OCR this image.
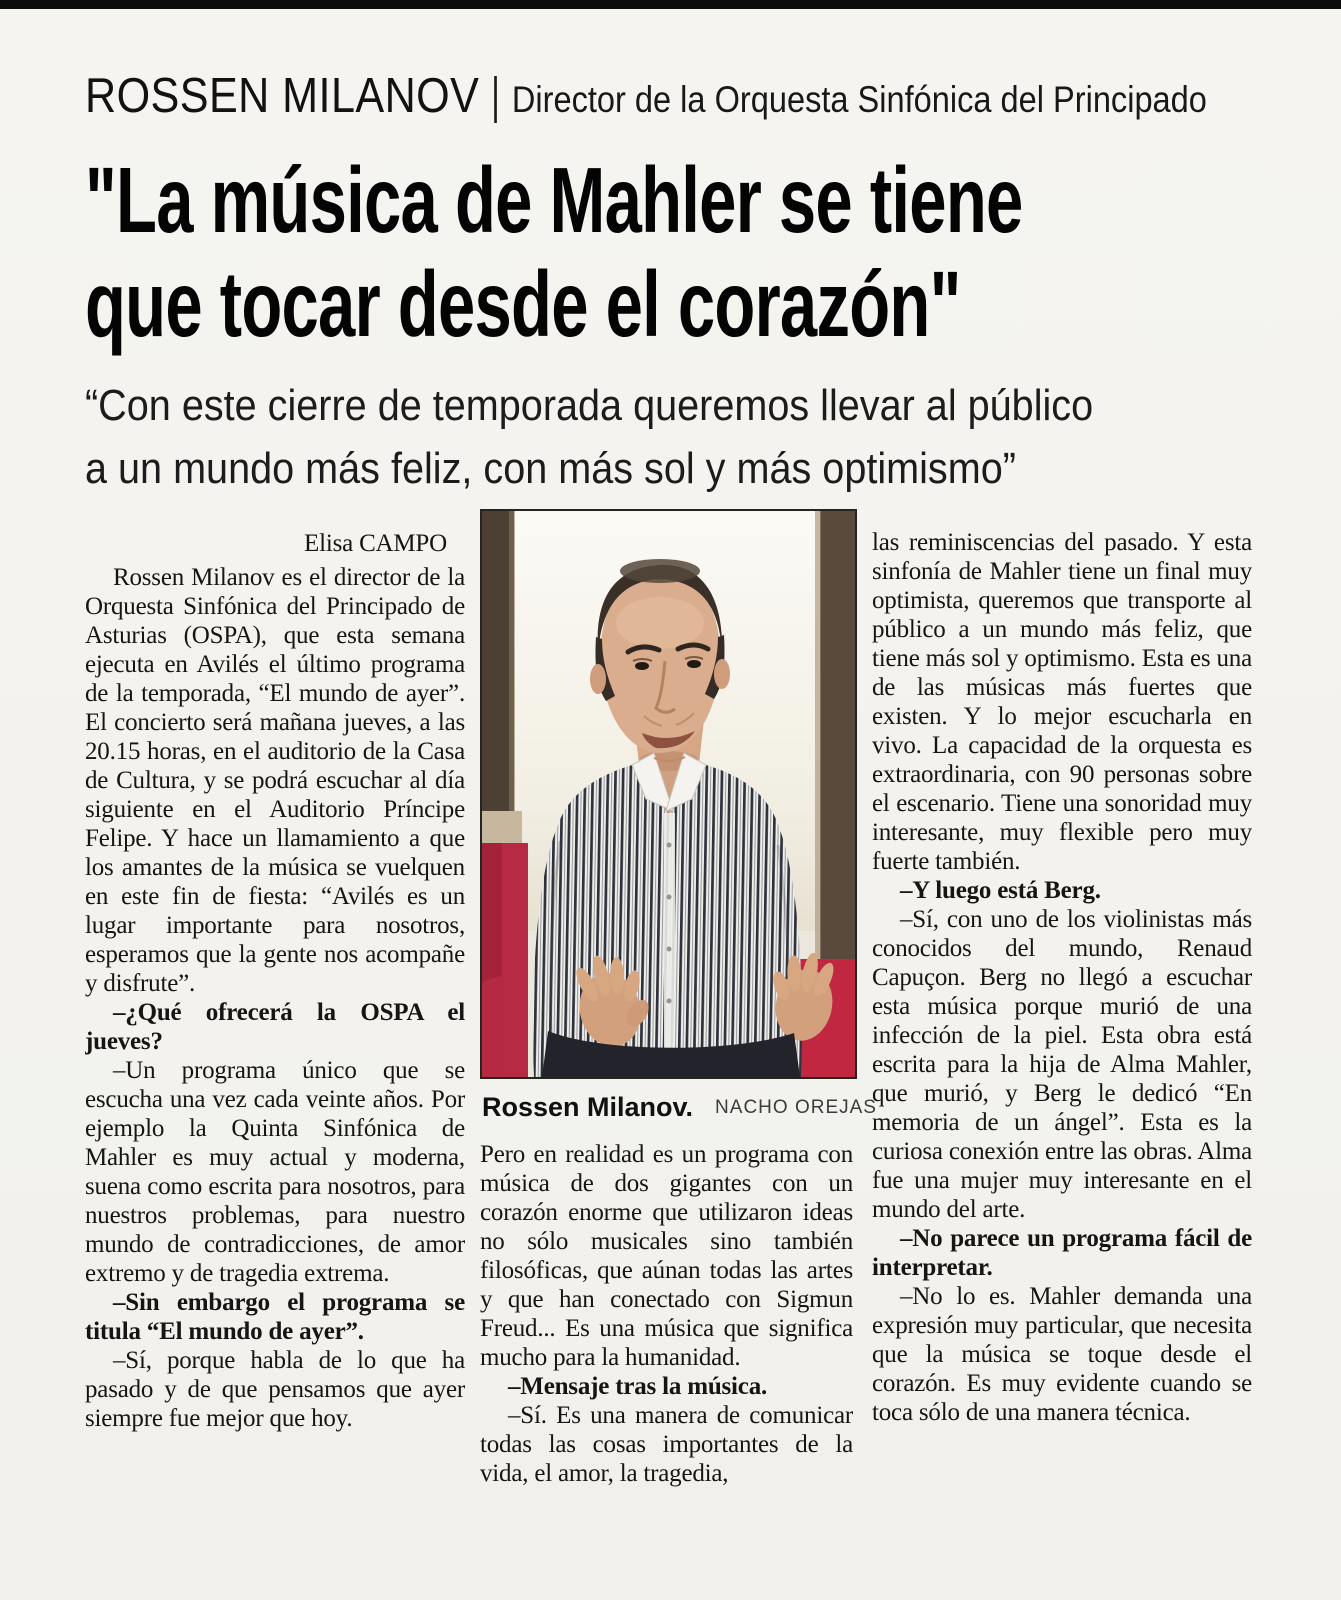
ROSSEN MILANOV Director de la Orquesta Sinfónica del Principado
"La música de Mahler se tiene
que tocar desde el corazón"
“Con este cierre de temporada queremos llevar al público
a un mundo más feliz, con más sol y más optimismo”

Elisa CAMPO

Rossen Milanov es el director de la Orquesta Sinfónica del Principado de Asturias (OSPA), que esta semana ejecuta en Avilés el último programa de la temporada, “El mundo de ayer”. El concierto será mañana jueves, a las 20.15 horas, en el auditorio de la Casa de Cultura, y se podrá escuchar al día siguiente en el Auditorio Príncipe Felipe. Y hace un llamamiento a que los amantes de la música se vuelquen en este fin de fiesta: “Avilés es un lugar importante para nosotros, esperamos que la gente nos acompañe y disfrute”.

–¿Qué ofrecerá la OSPA el jueves?

–Un programa único que se escucha una vez cada veinte años. Por ejemplo la Quinta Sinfónica de Mahler es muy actual y moderna, suena como escrita para nosotros, para nuestros problemas, para nuestro mundo de contradicciones, de amor extremo y de tragedia extrema.

–Sin embargo el programa se titula “El mundo de ayer”.

–Sí, porque habla de lo que ha pasado y de que pensamos que ayer siempre fue mejor que hoy.

Rossen Milanov. NACHO OREJAS

Pero en realidad es un programa con música de dos gigantes con un corazón enorme que utilizaron ideas no sólo musicales sino también filosóficas, que aúnan todas las artes y que han conectado con Sigmun Freud... Es una música que significa mucho para la humanidad.

–Mensaje tras la música.

–Sí. Es una manera de comunicar todas las cosas importantes de la vida, el amor, la tragedia,

las reminiscencias del pasado. Y esta sinfonía de Mahler tiene un final muy optimista, queremos que transporte al público a un mundo más feliz, que tiene más sol y optimismo. Esta es una de las músicas más fuertes que existen. Y lo mejor escucharla en vivo. La capacidad de la orquesta es extraordinaria, con 90 personas sobre el escenario. Tiene una sonoridad muy interesante, muy flexible pero muy fuerte también.

–Y luego está Berg.

–Sí, con uno de los violinistas más conocidos del mundo, Renaud Capuçon. Berg no llegó a escuchar esta música porque murió de una infección de la piel. Esta obra está escrita para la hija de Alma Mahler, que murió, y Berg le dedicó “En memoria de un ángel”. Esta es la curiosa conexión entre las obras. Alma fue una mujer muy interesante en el mundo del arte.

–No parece un programa fácil de interpretar.

–No lo es. Mahler demanda una expresión muy particular, que necesita que la música se toque desde el corazón. Es muy evidente cuando se toca sólo de una manera técnica.
